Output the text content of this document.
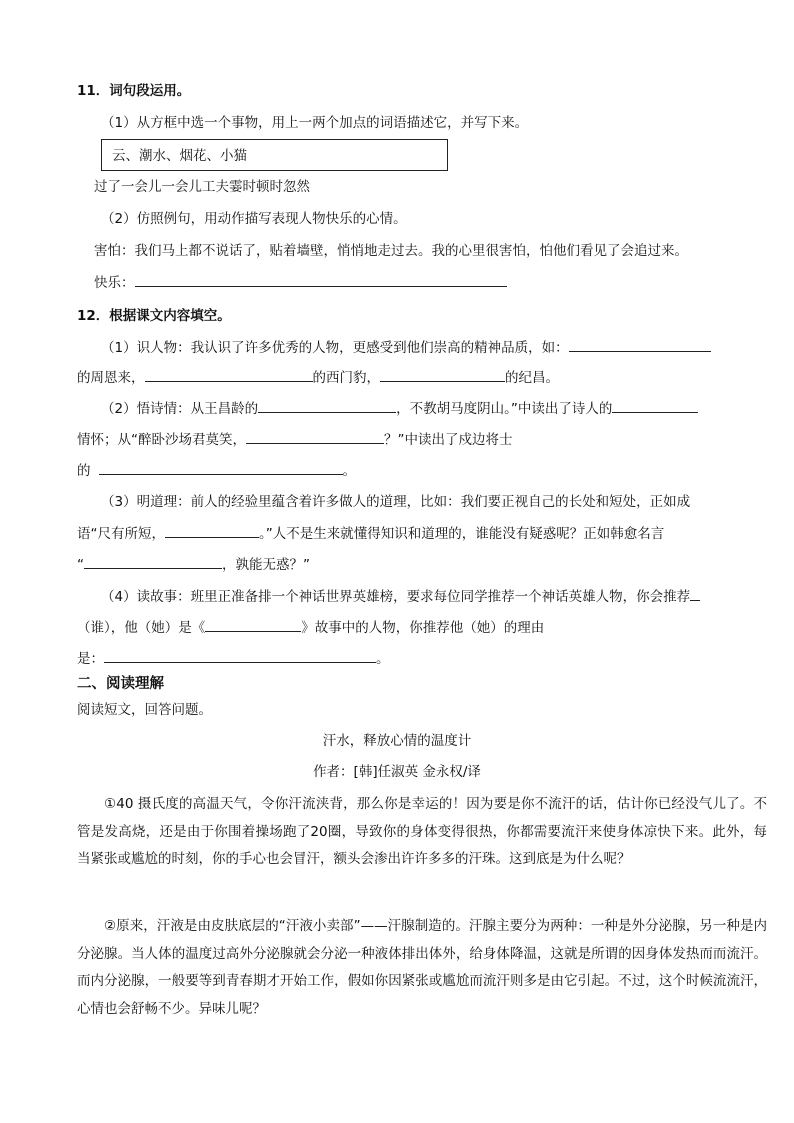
11．词句段运用。
（1）从方框中选一个事物，用上一两个加点的词语描述它，并写下来。
云、潮水、烟花、小猫
过了一会儿一会儿工夫霎时顿时忽然
（2）仿照例句，用动作描写表现人物快乐的心情。
害怕：我们马上都不说话了，贴着墙壁，悄悄地走过去。我的心里很害怕，怕他们看见了会追过来。
快乐：
12．根据课文内容填空。
（1）识人物：我认识了许多优秀的人物，更感受到他们崇高的精神品质，如：
的周恩来，	的西门豹，	的纪昌。
（2）悟诗情：从王昌龄的	，不教胡马度阴山。”中读出了诗人的
情怀；从“醉卧沙场君莫笑，	？”中读出了戍边将士
的	。
（3）明道理：前人的经验里蕴含着许多做人的道理，比如：我们要正视自己的长处和短处，正如成
语“尺有所短，	。”人不是生来就懂得知识和道理的，谁能没有疑惑呢？正如韩愈名言
“	，孰能无惑？”
（4）读故事：班里正准备排一个神话世界英雄榜，要求每位同学推荐一个神话英雄人物，你会推荐
（谁），他（她）是《	》故事中的人物，你推荐他（她）的理由
是：	。
二、阅读理解
阅读短文，回答问题。
汗水，释放心情的温度计
作者：[韩]任淑英 金永权/译
①40 摄氏度的高温天气，令你汗流浃背，那么你是幸运的！因为要是你不流汗的话，估计你已经没气儿了。不管是发高烧，还是由于你围着操场跑了20圈，导致你的身体变得很热，你都需要流汗来使身体凉快下来。此外，每当紧张或尴尬的时刻，你的手心也会冒汗，额头会渗出许许多多的汗珠。这到底是为什么呢？
②原来，汗液是由皮肤底层的“汗液小卖部”——汗腺制造的。汗腺主要分为两种：一种是外分泌腺，另一种是内分泌腺。当人体的温度过高外分泌腺就会分泌一种液体排出体外，给身体降温，这就是所谓的因身体发热而而流汗。而内分泌腺，一般要等到青春期才开始工作，假如你因紧张或尴尬而流汗则多是由它引起。不过，这个时候流流汗，心情也会舒畅不少。异味儿呢？
